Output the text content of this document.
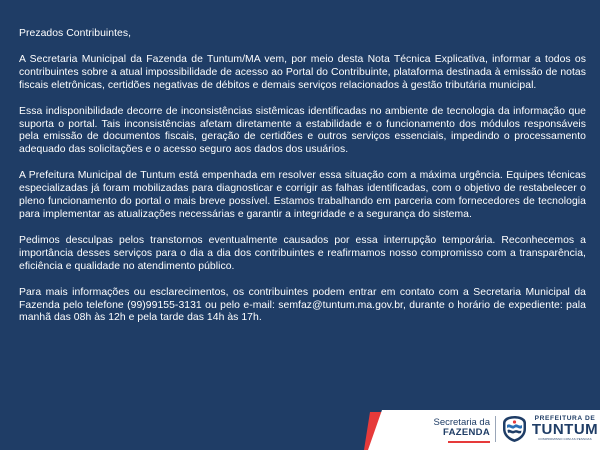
Prezados Contribuintes,

A Secretaria Municipal da Fazenda de Tuntum/MA vem, por meio desta Nota Técnica Explicativa, informar a todos os contribuintes sobre a atual impossibilidade de acesso ao Portal do Contribuinte, plataforma destinada à emissão de notas fiscais eletrônicas, certidões negativas de débitos e demais serviços relacionados à gestão tributária municipal.

Essa indisponibilidade decorre de inconsistências sistêmicas identificadas no ambiente de tecnologia da informação que suporta o portal. Tais inconsistências afetam diretamente a estabilidade e o funcionamento dos módulos responsáveis pela emissão de documentos fiscais, geração de certidões e outros serviços essenciais, impedindo o processamento adequado das solicitações e o acesso seguro aos dados dos usuários.

A Prefeitura Municipal de Tuntum está empenhada em resolver essa situação com a máxima urgência. Equipes técnicas especializadas já foram mobilizadas para diagnosticar e corrigir as falhas identificadas, com o objetivo de restabelecer o pleno funcionamento do portal o mais breve possível. Estamos trabalhando em parceria com fornecedores de tecnologia para implementar as atualizações necessárias e garantir a integridade e a segurança do sistema.

Pedimos desculpas pelos transtornos eventualmente causados por essa interrupção temporária. Reconhecemos a importância desses serviços para o dia a dia dos contribuintes e reafirmamos nosso compromisso com a transparência, eficiência e qualidade no atendimento público.

Para mais informações ou esclarecimentos, os contribuintes podem entrar em contato com a Secretaria Municipal da Fazenda pelo telefone (99)99155-3131 ou pelo e-mail: semfaz@tuntum.ma.gov.br, durante o horário de expediente: pala manhã das 08h às 12h e pela tarde das 14h às 17h.

Secretaria da
FAZENDA
PREFEITURA DE
TUNTUM
COMPROMISSO COM AS PESSOAS
